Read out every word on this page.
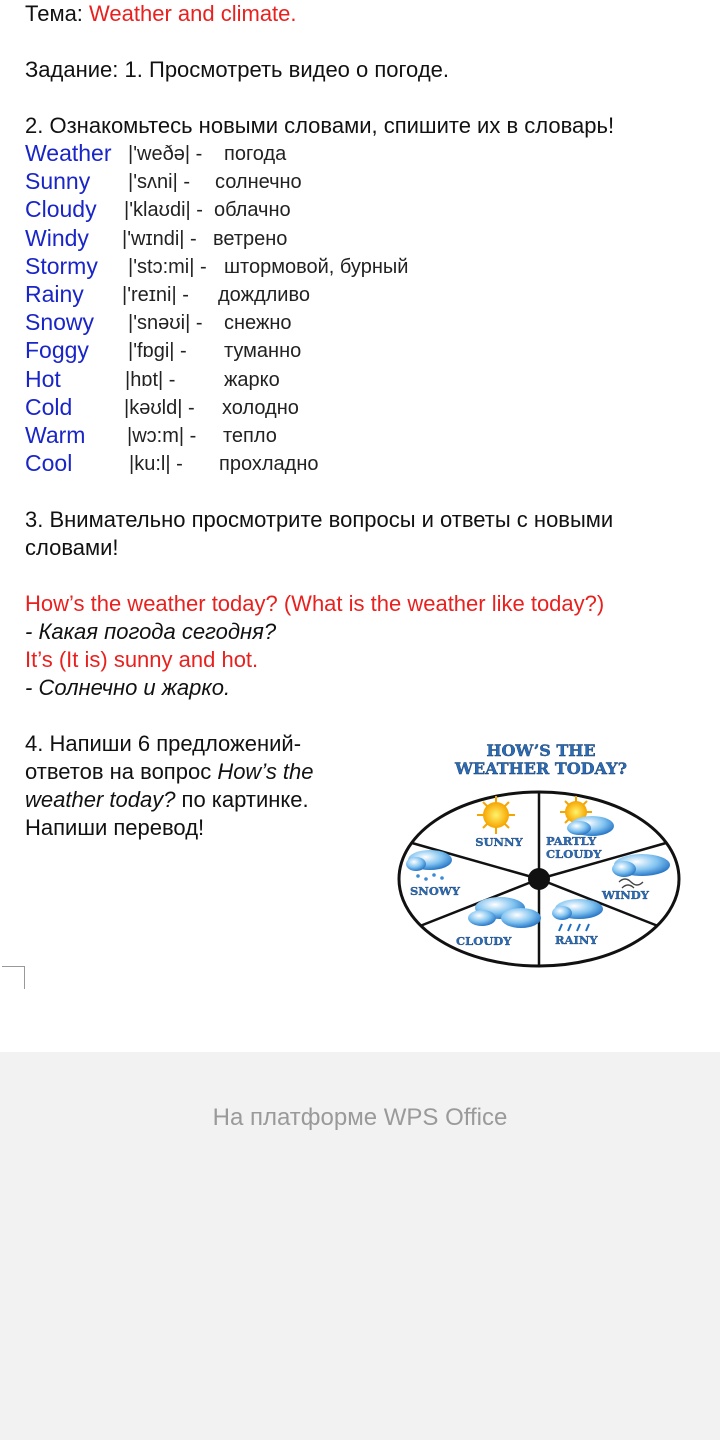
Тема: Weather and climate.
Задание: 1. Просмотреть видео о погоде.
2. Ознакомьтесь новыми словами, спишите их в словарь!
Weather |'weðə| - погода
Sunny |'sʌni| - солнечно
Cloudy |'klaʊdi| - облачно
Windy |'wɪndi| - ветрено
Stormy |'stɔ:mi| - штормовой, бурный
Rainy |'reɪni| - дождливо
Snowy |'snəʊi| - снежно
Foggy |'fɒgi| - туманно
Hot	|hɒt| - жарко
Cold	|kəʊld| - холодно
Warm |wɔ:m| - тепло
Cool	|ku:l| - прохладно
3. Внимательно просмотрите вопросы и ответы с новыми
словами!
How’s the weather today? (What is the weather like today?)
- Какая погода сегодня?
It’s (It is) sunny and hot.
- Солнечно и жарко.
4. Напиши 6 предложений-
ответов на вопрос How’s the
weather today? по картинке.
Напиши перевод!
HOW’S THE
WEATHER TODAY?
SUNNY PARTLY
CLOUDY
WINDY
RAINY
CLOUDY
SNOWY
На платформе WPS Office
